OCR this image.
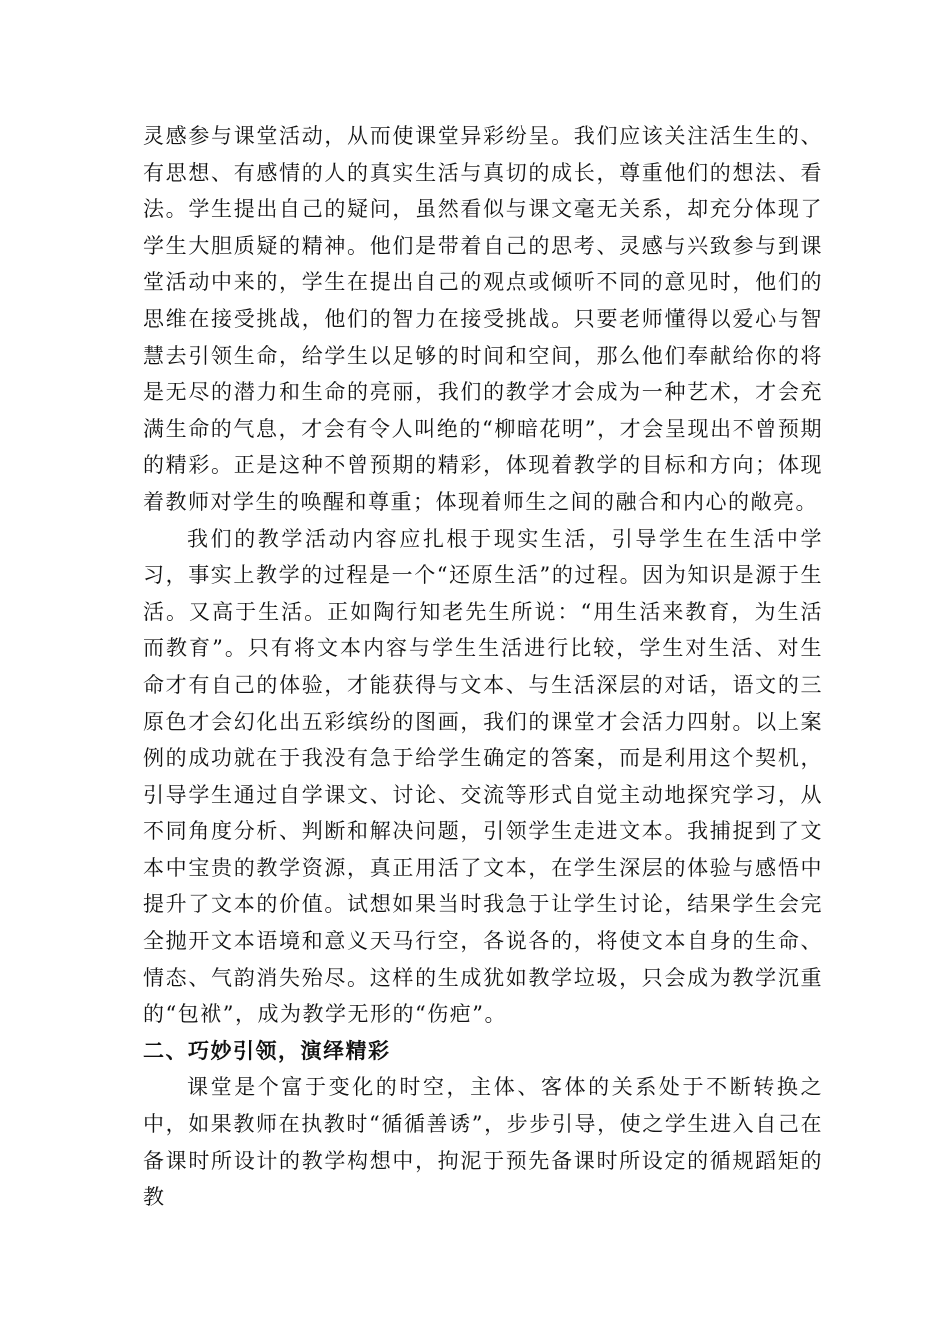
灵感参与课堂活动，从而使课堂异彩纷呈。我们应该关注活生生的、有思想、有感情的人的真实生活与真切的成长，尊重他们的想法、看法。学生提出自己的疑问，虽然看似与课文毫无关系，却充分体现了学生大胆质疑的精神。他们是带着自己的思考、灵感与兴致参与到课堂活动中来的，学生在提出自己的观点或倾听不同的意见时，他们的思维在接受挑战，他们的智力在接受挑战。只要老师懂得以爱心与智慧去引领生命，给学生以足够的时间和空间，那么他们奉献给你的将是无尽的潜力和生命的亮丽，我们的教学才会成为一种艺术，才会充满生命的气息，才会有令人叫绝的“柳暗花明”，才会呈现出不曾预期的精彩。正是这种不曾预期的精彩，体现着教学的目标和方向；体现着教师对学生的唤醒和尊重；体现着师生之间的融合和内心的敞亮。

我们的教学活动内容应扎根于现实生活，引导学生在生活中学习，事实上教学的过程是一个“还原生活”的过程。因为知识是源于生活。又高于生活。正如陶行知老先生所说：“用生活来教育，为生活而教育”。只有将文本内容与学生生活进行比较，学生对生活、对生命才有自己的体验，才能获得与文本、与生活深层的对话，语文的三原色才会幻化出五彩缤纷的图画，我们的课堂才会活力四射。以上案例的成功就在于我没有急于给学生确定的答案，而是利用这个契机，引导学生通过自学课文、讨论、交流等形式自觉主动地探究学习，从不同角度分析、判断和解决问题，引领学生走进文本。我捕捉到了文本中宝贵的教学资源，真正用活了文本，在学生深层的体验与感悟中提升了文本的价值。试想如果当时我急于让学生讨论，结果学生会完全抛开文本语境和意义天马行空，各说各的，将使文本自身的生命、情态、气韵消失殆尽。这样的生成犹如教学垃圾，只会成为教学沉重的“包袱”，成为教学无形的“伤疤”。

二、巧妙引领，演绎精彩

课堂是个富于变化的时空，主体、客体的关系处于不断转换之中，如果教师在执教时“循循善诱”，步步引导，使之学生进入自己在备课时所设计的教学构想中，拘泥于预先备课时所设定的循规蹈矩的教
